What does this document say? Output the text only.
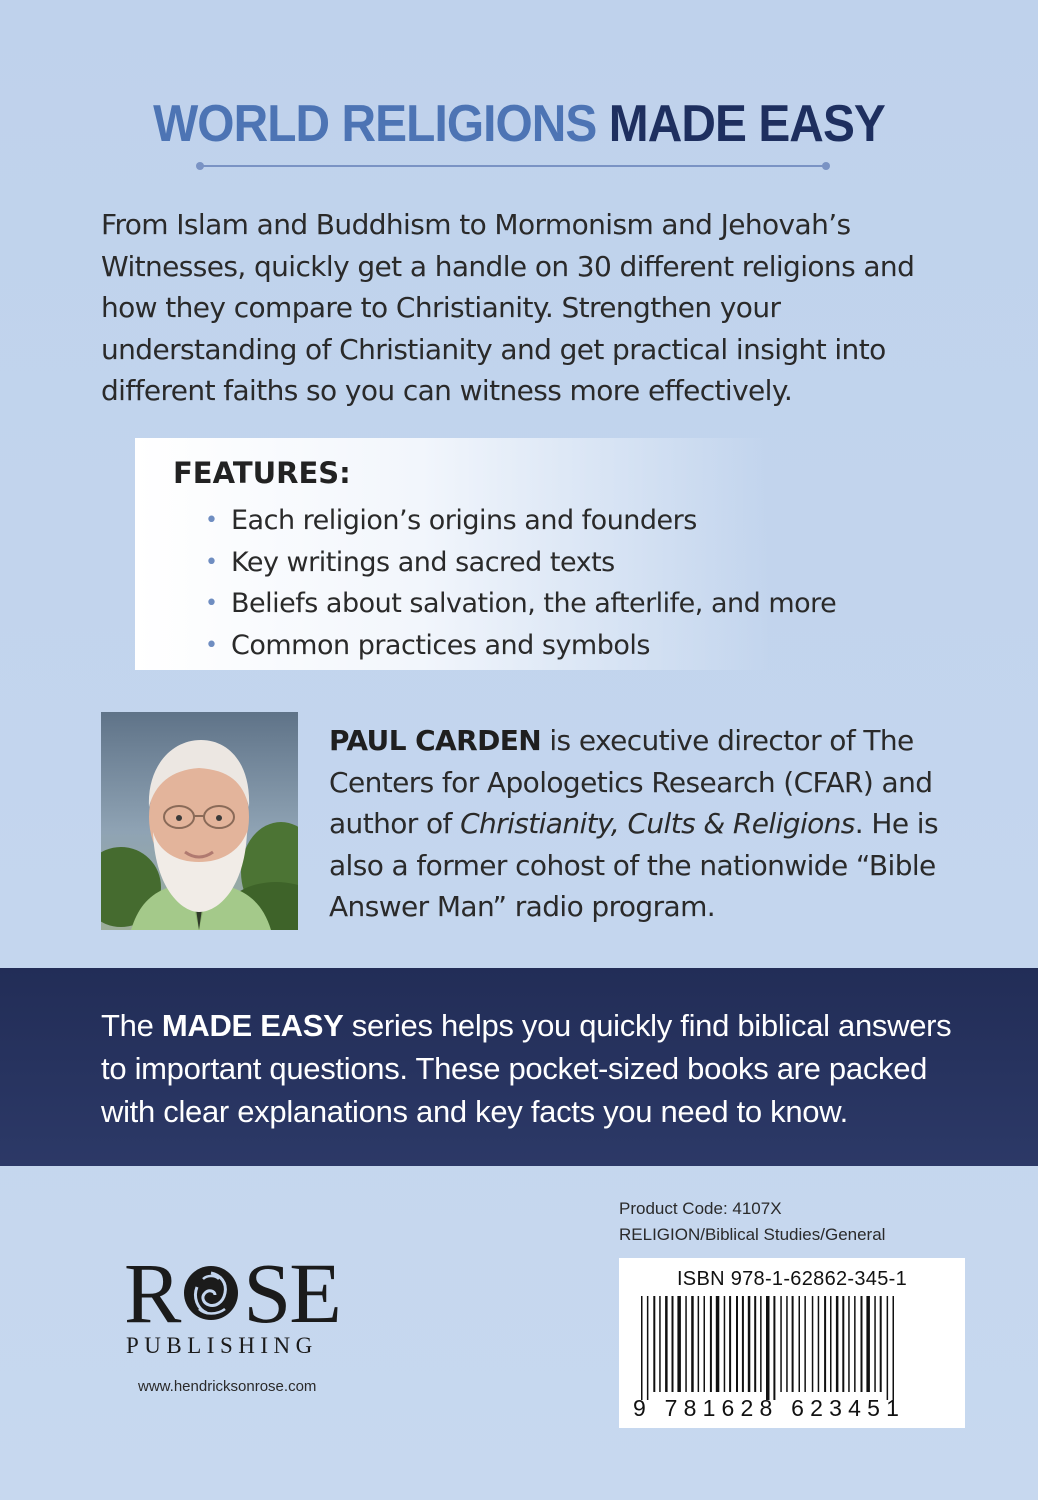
WORLD RELIGIONS MADE EASY

From Islam and Buddhism to Mormonism and Jehovah’s Witnesses, quickly get a handle on 30 different religions and how they compare to Christianity. Strengthen your understanding of Christianity and get practical insight into different faiths so you can witness more effectively.

FEATURES:
• Each religion’s origins and founders
• Key writings and sacred texts
• Beliefs about salvation, the afterlife, and more
• Common practices and symbols

PAUL CARDEN is executive director of The Centers for Apologetics Research (CFAR) and author of Christianity, Cults & Religions. He is also a former cohost of the nationwide “Bible Answer Man” radio program.

The MADE EASY series helps you quickly find biblical answers to important questions. These pocket-sized books are packed with clear explanations and key facts you need to know.

Product Code: 4107X
RELIGION/Biblical Studies/General
R SE
PUBLISHING
www.hendricksonrose.com
ISBN 978-1-62862-345-1
9 781628 623451
